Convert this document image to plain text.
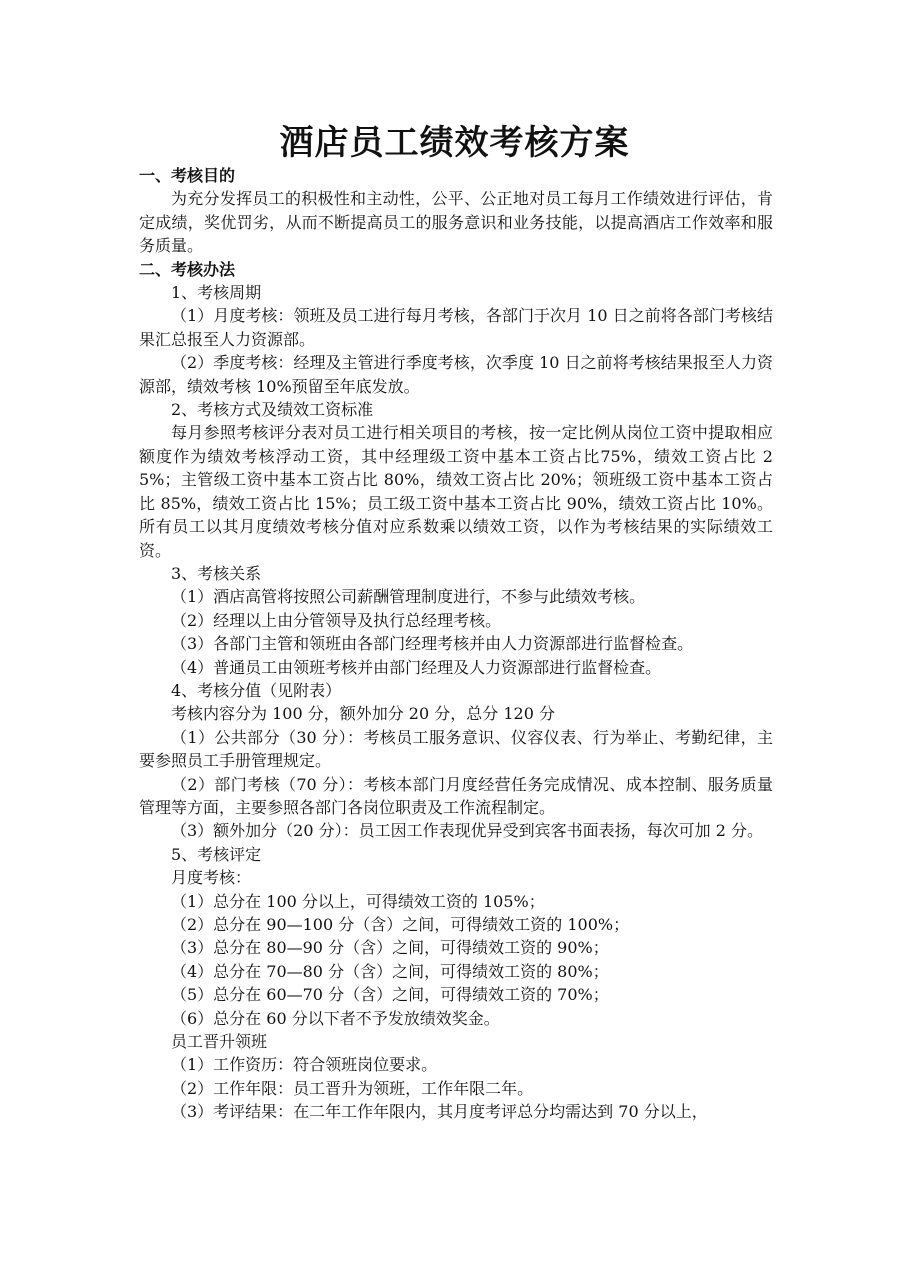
酒店员工绩效考核方案

一、考核目的

为充分发挥员工的积极性和主动性，公平、公正地对员工每月工作绩效进行评估，肯定成绩，奖优罚劣，从而不断提高员工的服务意识和业务技能，以提高酒店工作效率和服务质量。

二、考核办法

1、考核周期

（1）月度考核：领班及员工进行每月考核，各部门于次月 10 日之前将各部门考核结果汇总报至人力资源部。

（2）季度考核：经理及主管进行季度考核，次季度 10 日之前将考核结果报至人力资源部，绩效考核 10%预留至年底发放。

2、考核方式及绩效工资标准

每月参照考核评分表对员工进行相关项目的考核，按一定比例从岗位工资中提取相应额度作为绩效考核浮动工资，其中经理级工资中基本工资占比75%，绩效工资占比 25%；主管级工资中基本工资占比 80%，绩效工资占比 20%；领班级工资中基本工资占比 85%，绩效工资占比 15%；员工级工资中基本工资占比 90%，绩效工资占比 10%。所有员工以其月度绩效考核分值对应系数乘以绩效工资，以作为考核结果的实际绩效工资。

3、考核关系

（1）酒店高管将按照公司薪酬管理制度进行，不参与此绩效考核。

（2）经理以上由分管领导及执行总经理考核。

（3）各部门主管和领班由各部门经理考核并由人力资源部进行监督检查。

（4）普通员工由领班考核并由部门经理及人力资源部进行监督检查。

4、考核分值（见附表）

考核内容分为 100 分，额外加分 20 分，总分 120 分

（1）公共部分（30 分）：考核员工服务意识、仪容仪表、行为举止、考勤纪律，主要参照员工手册管理规定。

（2）部门考核（70 分）：考核本部门月度经营任务完成情况、成本控制、服务质量管理等方面，主要参照各部门各岗位职责及工作流程制定。

（3）额外加分（20 分）：员工因工作表现优异受到宾客书面表扬，每次可加 2 分。

5、考核评定

月度考核：

（1）总分在 100 分以上，可得绩效工资的 105%；

（2）总分在 90—100 分（含）之间，可得绩效工资的 100%；

（3）总分在 80—90 分（含）之间，可得绩效工资的 90%；

（4）总分在 70—80 分（含）之间，可得绩效工资的 80%；

（5）总分在 60—70 分（含）之间，可得绩效工资的 70%；

（6）总分在 60 分以下者不予发放绩效奖金。

员工晋升领班

（1）工作资历：符合领班岗位要求。

（2）工作年限：员工晋升为领班，工作年限二年。

（3）考评结果：在二年工作年限内，其月度考评总分均需达到 70 分以上，
